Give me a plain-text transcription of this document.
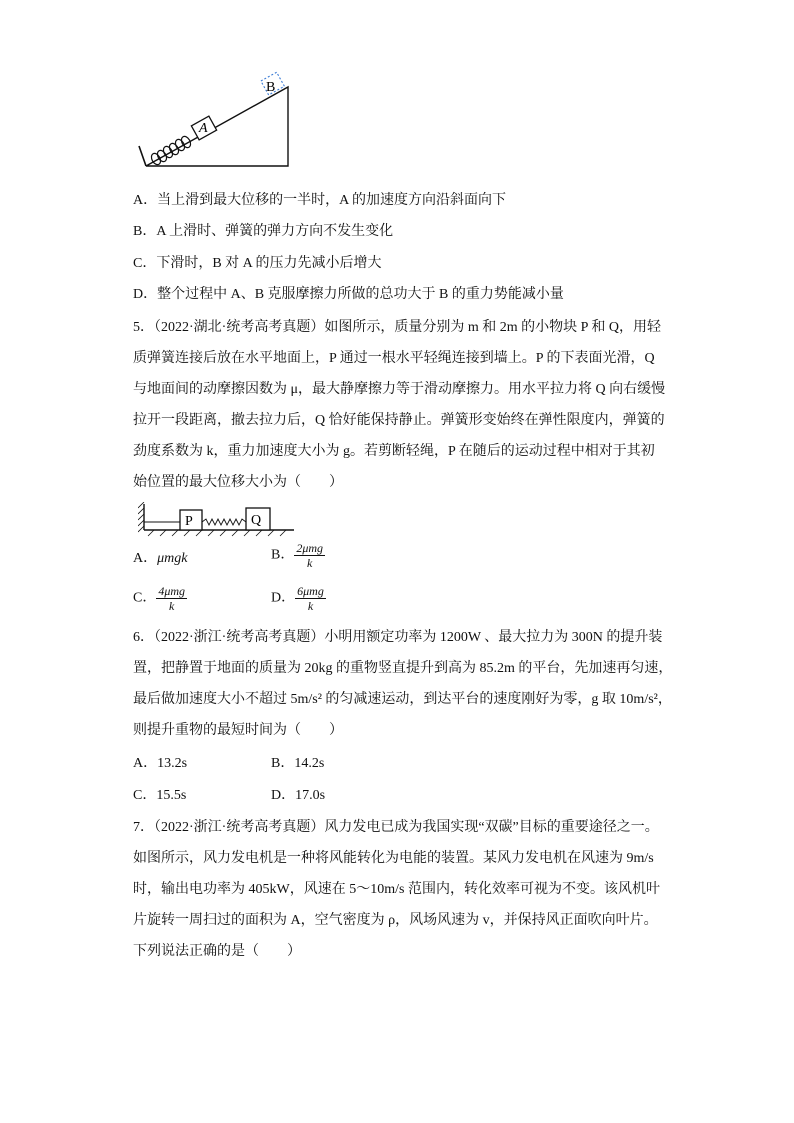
A
B
A．当上滑到最大位移的一半时，A 的加速度方向沿斜面向下
B．A 上滑时、弹簧的弹力方向不发生变化
C．下滑时，B 对 A 的压力先减小后增大
D．整个过程中 A、B 克服摩擦力所做的总功大于 B 的重力势能减小量
5．（2022·湖北·统考高考真题）如图所示，质量分别为 m 和 2m 的小物块 P 和 Q，用轻
质弹簧连接后放在水平地面上，P 通过一根水平轻绳连接到墙上。P 的下表面光滑，Q
与地面间的动摩擦因数为 μ，最大静摩擦力等于滑动摩擦力。用水平拉力将 Q 向右缓慢
拉开一段距离，撤去拉力后，Q 恰好能保持静止。弹簧形变始终在弹性限度内，弹簧的
劲度系数为 k，重力加速度大小为 g。若剪断轻绳，P 在随后的运动过程中相对于其初
始位置的最大位移大小为（　　）
P	Q
A．μmgk	B． $\frac{\text{2μmg}}{k}$
C． $\frac{\text{4μmg}}{k}$	D． $\frac{\text{6μmg}}{k}$
6．（2022·浙江·统考高考真题）小明用额定功率为 1200W 、最大拉力为 300N 的提升装
置，把静置于地面的质量为 20kg 的重物竖直提升到高为 85.2m 的平台，先加速再匀速，
最后做加速度大小不超过 5m/s² 的匀减速运动，到达平台的速度刚好为零，g 取 10m/s²，
则提升重物的最短时间为（　　）
A．13.2s	B．14.2s
C．15.5s	D．17.0s
7．（2022·浙江·统考高考真题）风力发电已成为我国实现“双碳”目标的重要途径之一。
如图所示，风力发电机是一种将风能转化为电能的装置。某风力发电机在风速为 9m/s
时，输出电功率为 405kW，风速在 5～10m/s 范围内，转化效率可视为不变。该风机叶
片旋转一周扫过的面积为 A，空气密度为 ρ，风场风速为 v，并保持风正面吹向叶片。
下列说法正确的是（　　）
